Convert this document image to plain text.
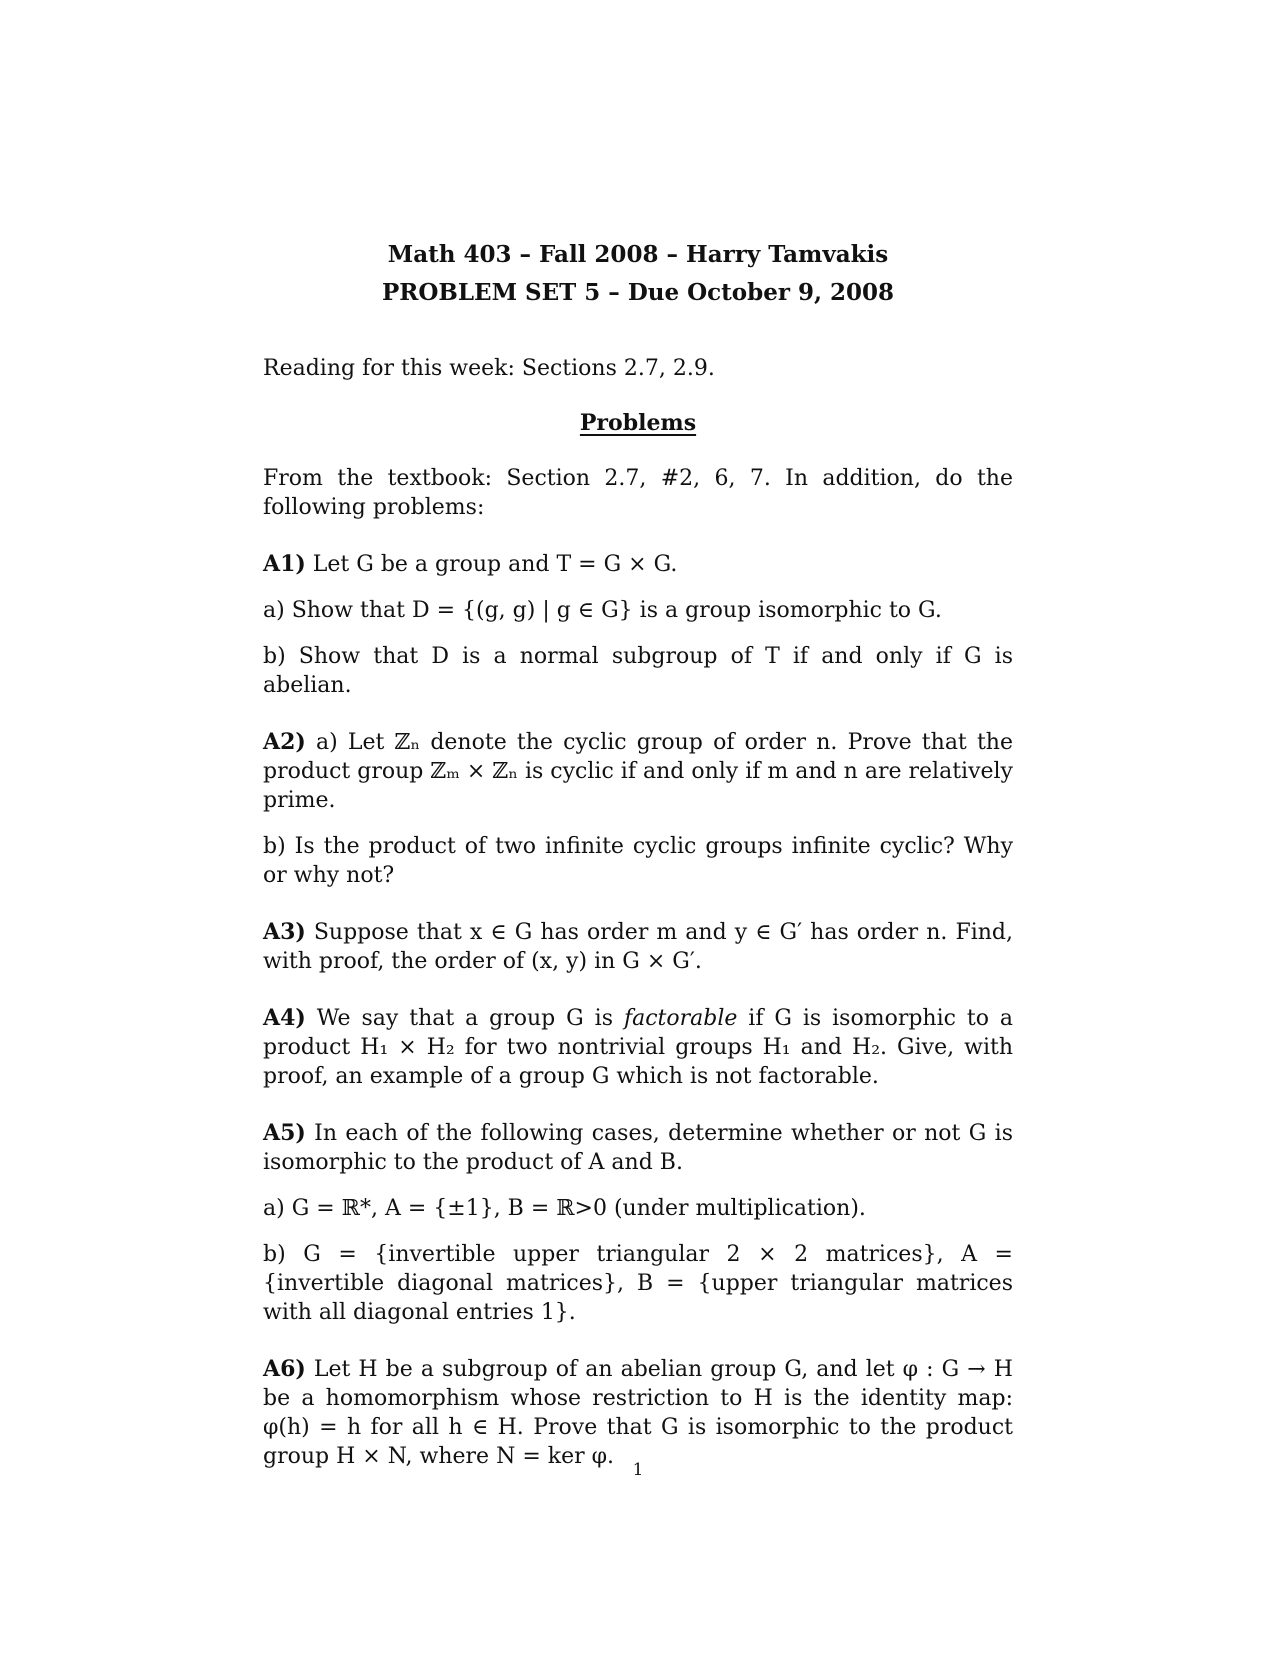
Math 403 – Fall 2008 – Harry Tamvakis
PROBLEM SET 5 – Due October 9, 2008
Reading for this week: Sections 2.7, 2.9.
Problems

From the textbook: Section 2.7, #2, 6, 7. In addition, do the following problems:

A1) Let G be a group and T = G × G.

a) Show that D = {(g, g) | g ∈ G} is a group isomorphic to G.

b) Show that D is a normal subgroup of T if and only if G is abelian.

A2) a) Let ℤₙ denote the cyclic group of order n. Prove that the product group ℤₘ × ℤₙ is cyclic if and only if m and n are relatively prime.

b) Is the product of two infinite cyclic groups infinite cyclic? Why or why not?

A3) Suppose that x ∈ G has order m and y ∈ G′ has order n. Find, with proof, the order of (x, y) in G × G′.

A4) We say that a group G is factorable if G is isomorphic to a product H₁ × H₂ for two nontrivial groups H₁ and H₂. Give, with proof, an example of a group G which is not factorable.

A5) In each of the following cases, determine whether or not G is isomorphic to the product of A and B.

a) G = ℝ*, A = {±1}, B = ℝ>0 (under multiplication).

b) G = {invertible upper triangular 2 × 2 matrices}, A = {invertible diagonal matrices}, B = {upper triangular matrices with all diagonal entries 1}.

A6) Let H be a subgroup of an abelian group G, and let φ : G → H be a homomorphism whose restriction to H is the identity map: φ(h) = h for all h ∈ H. Prove that G is isomorphic to the product group H × N, where N = ker φ.

1
